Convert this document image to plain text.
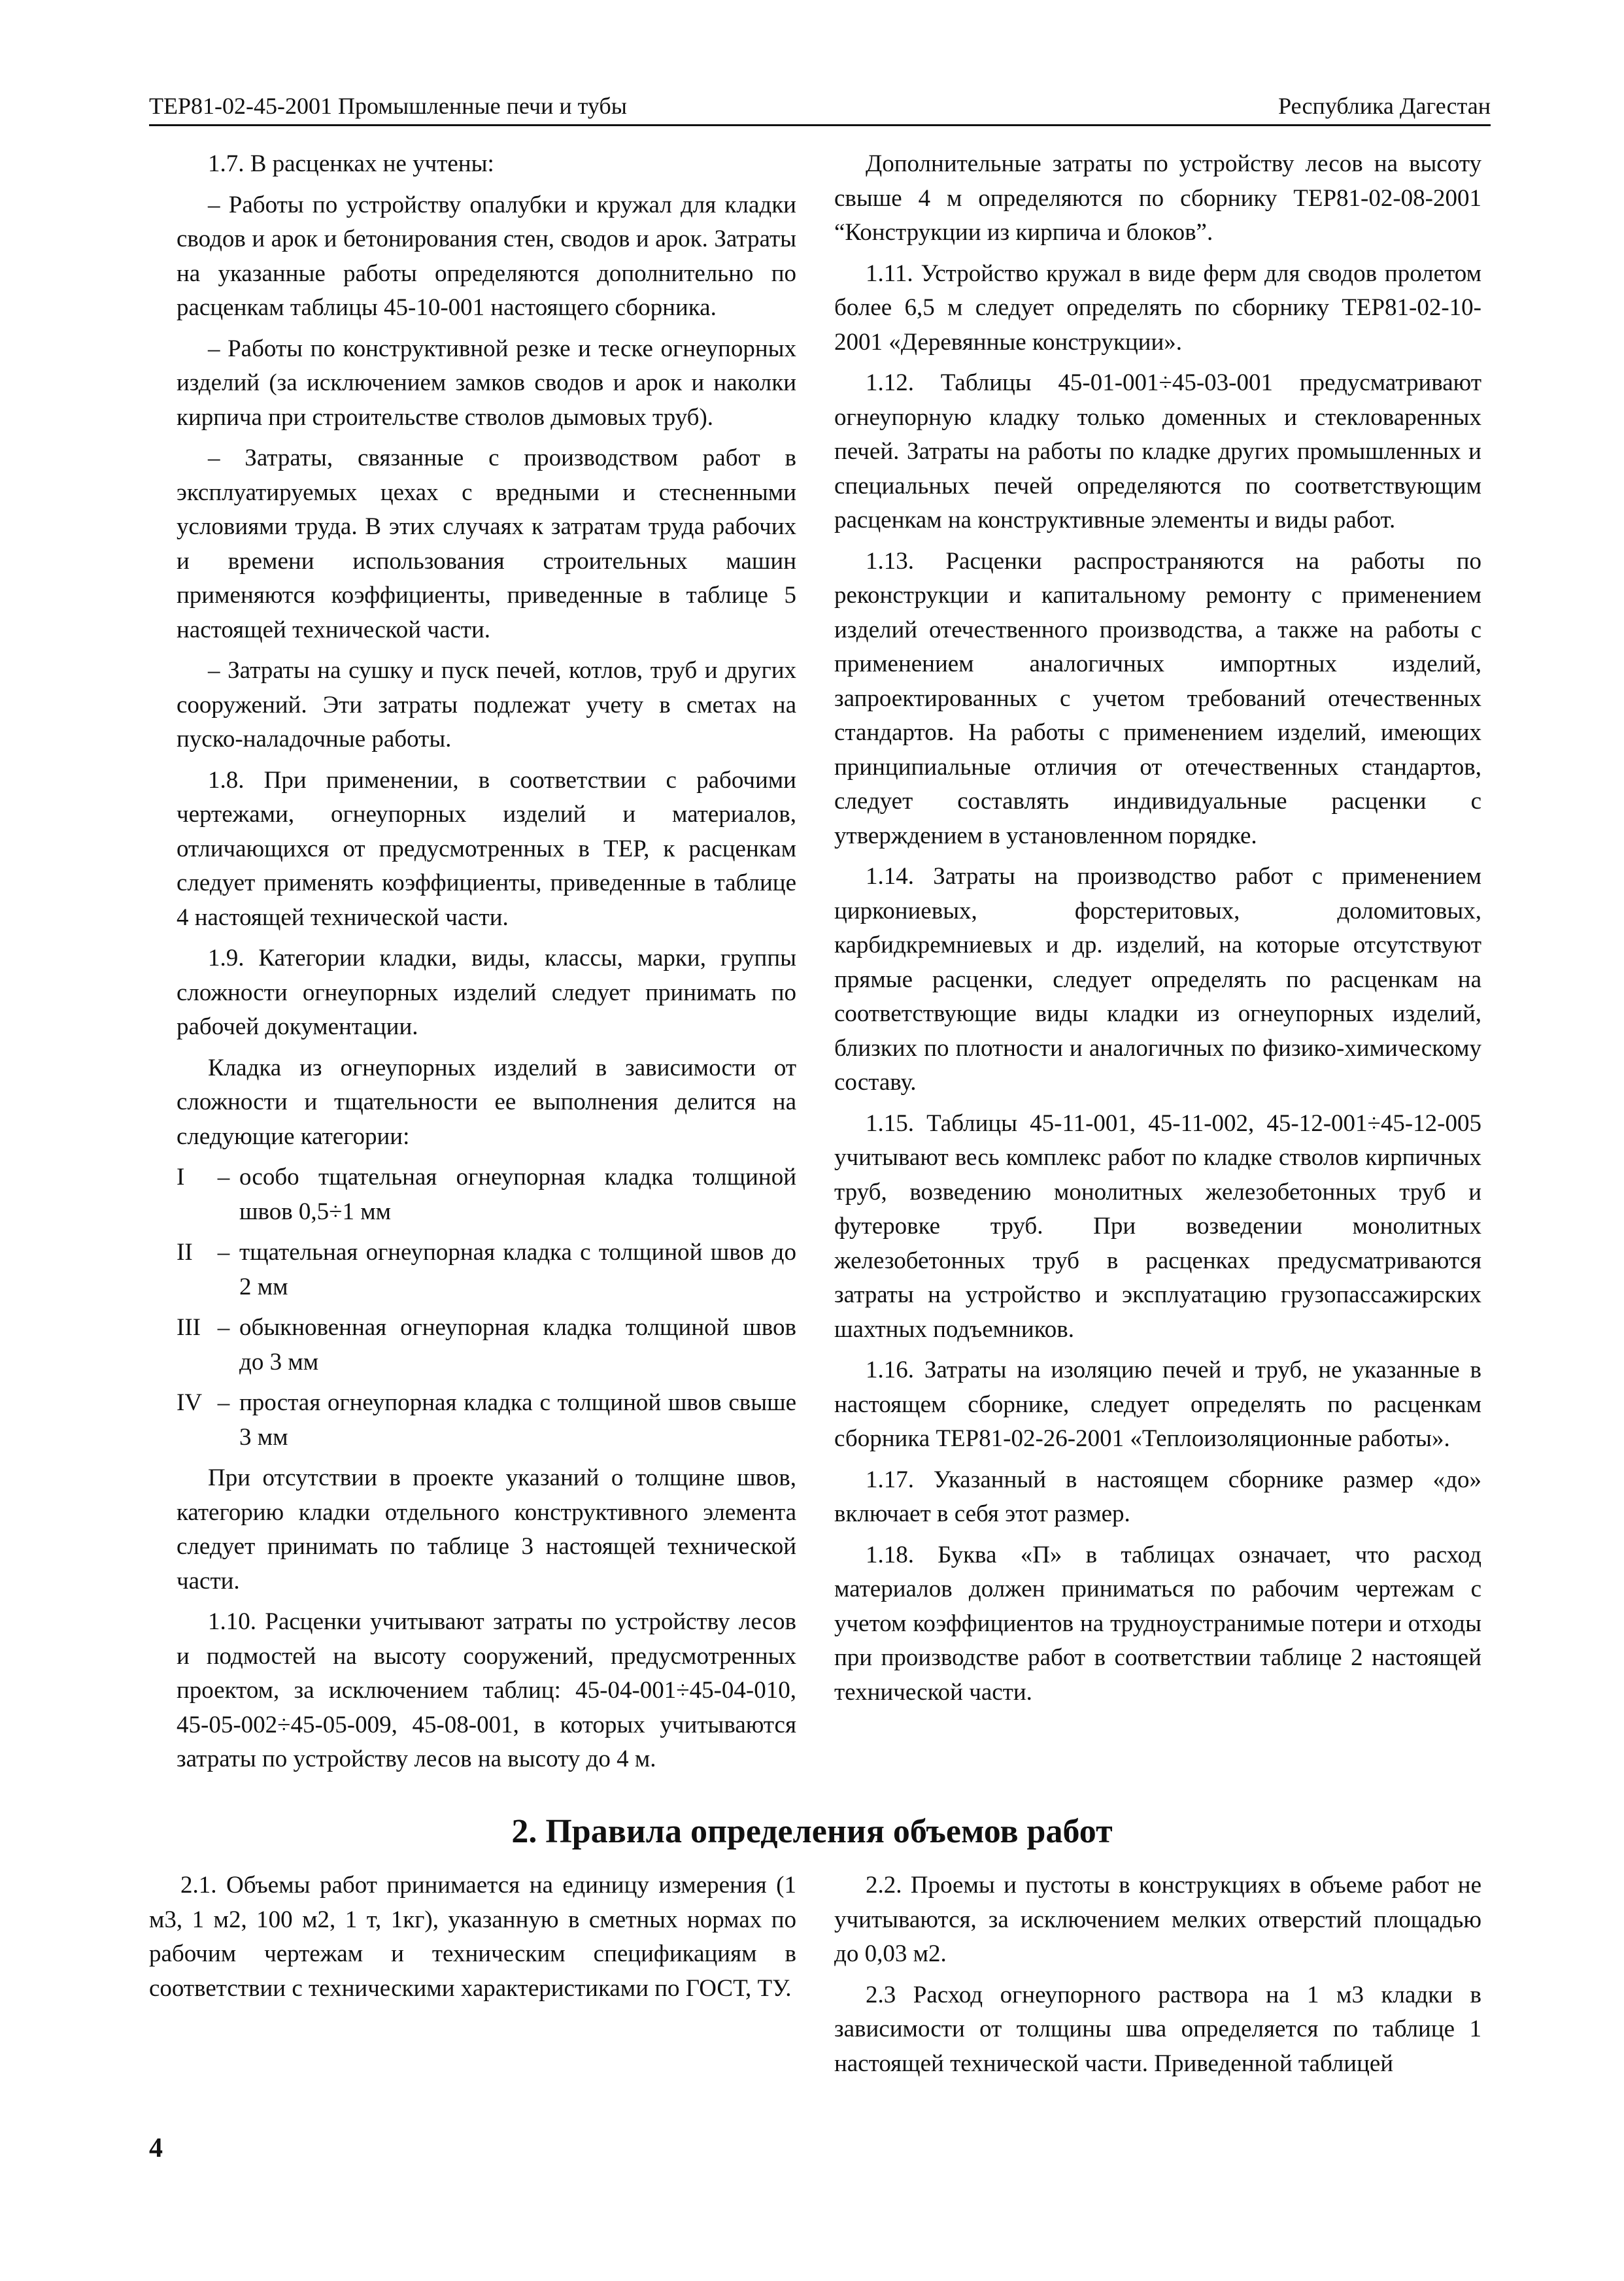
ТЕР81-02-45-2001 Промышленные печи и тубы	Республика Дагестан

1.7. В расценках не учтены:

– Работы по устройству опалубки и кружал для кладки сводов и арок и бетонирования стен, сводов и арок. Затраты на указанные работы определяются дополнительно по расценкам таблицы 45-10-001 настоящего сборника.

– Работы по конструктивной резке и теске огнеупорных изделий (за исключением замков сводов и арок и наколки кирпича при строительстве стволов дымовых труб).

– Затраты, связанные с производством работ в эксплуатируемых цехах с вредными и стесненными условиями труда. В этих случаях к затратам труда рабочих и времени использования строительных машин применяются коэффициенты, приведенные в таблице 5 настоящей технической части.

– Затраты на сушку и пуск печей, котлов, труб и других сооружений. Эти затраты подлежат учету в сметах на пуско-наладочные работы.

1.8. При применении, в соответствии с рабочими чертежами, огнеупорных изделий и материалов, отличающихся от предусмотренных в ТЕР, к расценкам следует применять коэффициенты, приведенные в таблице 4 настоящей технической части.

1.9. Категории кладки, виды, классы, марки, группы сложности огнеупорных изделий следует принимать по рабочей документации.

Кладка из огнеупорных изделий в зависимости от сложности и тщательности ее выполнения делится на следующие категории:

I	– особо тщательная огнеупорная кладка толщиной швов 0,5÷1 мм
II	– тщательная огнеупорная кладка с толщиной швов до 2 мм
III – обыкновенная огнеупорная кладка толщиной швов до 3 мм
IV – простая огнеупорная кладка с толщиной швов свыше 3 мм

При отсутствии в проекте указаний о толщине швов, категорию кладки отдельного конструктивного элемента следует принимать по таблице 3 настоящей технической части.

1.10. Расценки учитывают затраты по устройству лесов и подмостей на высоту сооружений, предусмотренных проектом, за исключением таблиц: 45-04-001÷45-04-010, 45-05-002÷45-05-009, 45-08-001, в которых учитываются затраты по устройству лесов на высоту до 4 м.

Дополнительные затраты по устройству лесов на высоту свыше 4 м определяются по сборнику ТЕР81-02-08-2001 “Конструкции из кирпича и блоков”.

1.11. Устройство кружал в виде ферм для сводов пролетом более 6,5 м следует определять по сборнику ТЕР81-02-10-2001 «Деревянные конструкции».

1.12. Таблицы 45-01-001÷45-03-001 предусматривают огнеупорную кладку только доменных и стекловаренных печей. Затраты на работы по кладке других промышленных и специальных печей определяются по соответствующим расценкам на конструктивные элементы и виды работ.

1.13. Расценки распространяются на работы по реконструкции и капитальному ремонту с применением изделий отечественного производства, а также на работы с применением аналогичных импортных изделий, запроектированных с учетом требований отечественных стандартов. На работы с применением изделий, имеющих принципиальные отличия от отечественных стандартов, следует составлять индивидуальные расценки с утверждением в установленном порядке.

1.14. Затраты на производство работ с применением циркониевых, форстеритовых, доломитовых, карбидкремниевых и др. изделий, на которые отсутствуют прямые расценки, следует определять по расценкам на соответствующие виды кладки из огнеупорных изделий, близких по плотности и аналогичных по физико-химическому составу.

1.15. Таблицы 45-11-001, 45-11-002, 45-12-001÷45-12-005 учитывают весь комплекс работ по кладке стволов кирпичных труб, возведению монолитных железобетонных труб и футеровке труб. При возведении монолитных железобетонных труб в расценках предусматриваются затраты на устройство и эксплуатацию грузопассажирских шахтных подъемников.

1.16. Затраты на изоляцию печей и труб, не указанные в настоящем сборнике, следует определять по расценкам сборника ТЕР81-02-26-2001 «Теплоизоляционные работы».

1.17. Указанный в настоящем сборнике размер «до» включает в себя этот размер.

1.18. Буква «П» в таблицах означает, что расход материалов должен приниматься по рабочим чертежам с учетом коэффициентов на трудноустранимые потери и отходы при производстве работ в соответствии таблице 2 настоящей технической части.

2. Правила определения объемов работ

2.1. Объемы работ принимается на единицу измерения (1 м3, 1 м2, 100 м2, 1 т, 1кг), указанную в сметных нормах по рабочим чертежам и техническим спецификациям в соответствии с техническими характеристиками по ГОСТ, ТУ.

2.2. Проемы и пустоты в конструкциях в объеме работ не учитываются, за исключением мелких отверстий площадью до 0,03 м2.

2.3 Расход огнеупорного раствора на 1 м3 кладки в зависимости от толщины шва определяется по таблице 1 настоящей технической части. Приведенной таблицей

4
